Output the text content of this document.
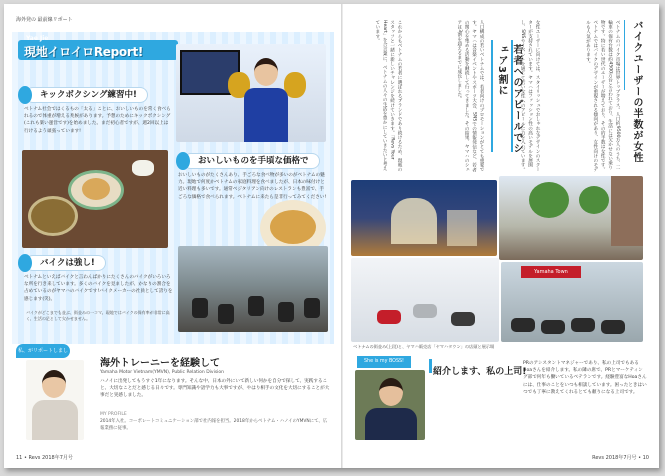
海外発の 最前線リポート
Yae Jie
現地イロイロReport!
キックボクシング練習中!
ベトナム社会ではくるもの「太る」ことに、おいしいものを常く食べられるので体重が増える兆候があります。予想のためにキックボクシング(これも楽い運営です)を始めました。まだ初心者ですが、週2回以上は行けるよう頑張っています!
おいしいものを手頃な価格で
おいしいものがたくさんあり、手ごろな食べ物が多いのがベトナムの魅力。現地で何度かベトナムの家庭料理を食べましたが、日本の味付けと近い料理も多いです。通常ベジタリアン向けのレストランも豊富で、手ごろな価格で食べられます。ベトナムに来たら是非行ってみてください!
バイクは強し!
ベトナムといえばバイクと言わんばかりにたくさんのバイクがいろいろな所を行き来しています。多くのバイクを見ましたが、かなりの割合を占めているのがヤマハのバイクです!バイクメーカーの社員として誇りを感じます(笑)。
バイクがどこまでも並ぶ、街並みの一コマ。現地ではバイクの保有率が非常に高く、生活の足として欠かせません。
私、がリポートしまし
海外トレーニーを経験して
Yamaha Motor Vietnam(YMVN), Public Relation Division
ハノイに出発してもうすぐ1年になります。そんな中、日本の外にいて新しい何かを自分で探して、実践すること、大切なことだと感じる日々です。専門知識や語学力も大事ですが、やはり相手の文化を大切にすることが大事だと実感しました。
MY PROFILE
2014年入社。コーポレートコミュニケーション部で社内報を担当。2018年からベトナム・ハノイのYMVNにて、広報業務に従事。
11 • Revs 2018年7月号
バイクユーザーの半数が女性
ベトナムのバイク市場は世界トップクラス。人口約9500万人のうち、二輪車の保有台数は約4500万台と言われており、生活には欠かせない乗り物です。特に若い世代のユーザーが増えており、その約半数は女性です。ベトナムではバイクのデザインが重視される傾向があり、女性向けのモデルも人気があります。
女性ユーザーに向けては、スタイリッシュでおしゃれなデザインのスクーターが支持されています。ヤマハはファッション性の高いモデルを展開し、SNSやイベントを通じて若い女性へのアピールに力を入れています。
若者へのアピールでシェア3割に
人口構成の若いベトナムでは、若者向けのプロモーションがとても重要です。ヤマハは音楽イベントやスポーツ大会、SNSでの情報発信など、若者の関心を集める活動を継続して行ってきました。その結果、ヤマハのシェアは3割を超えるまでに成長しました。
これからもベトナムの若者に選ばれるブランドであり続けるため、現地のスタッフと一緒に新しいチャレンジを続けていきます。「Revs Your Heart」を合言葉に、ベトナムの人々の生活を豊かにしていきたいと考えています。
Yamaha Town
ベトナムの街並み(上段)と、ヤマハ販売店「ヤマハタウン」の店頭と展示場
She is my BOSS!
紹介します、私の上司!
PRのアシスタントマネジャーであり、私の上司でもあるHoaさんを紹介します。私の隣の席で、PRとマーケティング部で何年も働いているベテランです。経験豊富なHoaさんには、仕事のことをいつも相談しています。困ったときはいつでも丁寧に教えてくれるとても頼りになる上司です。
Revs 2018年7月号 • 10
